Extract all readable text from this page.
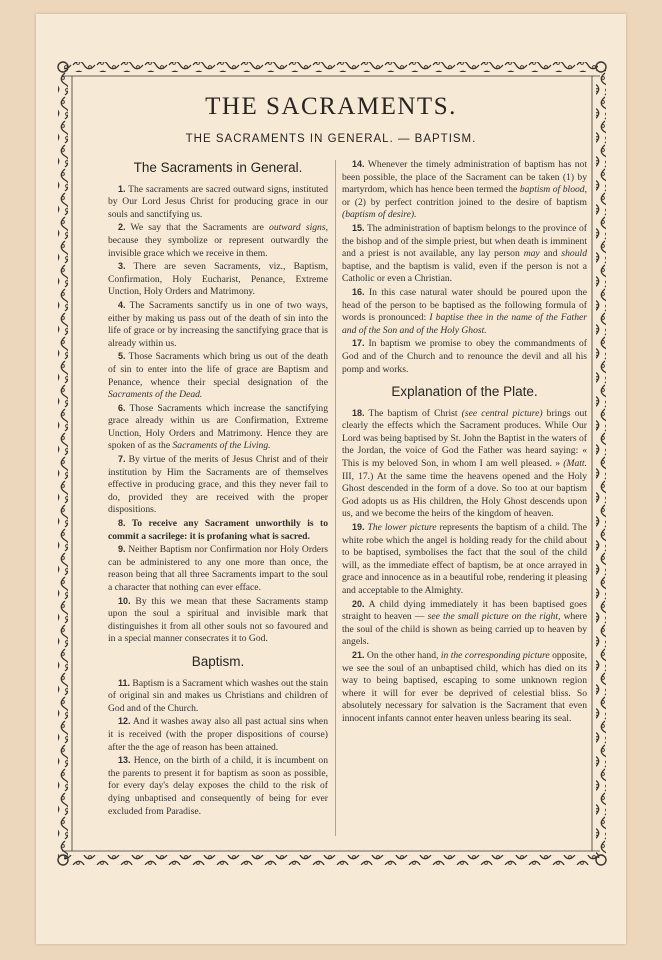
THE SACRAMENTS.
THE SACRAMENTS IN GENERAL. — BAPTISM.
The Sacraments in General.

1. The sacraments are sacred outward signs, instituted by Our Lord Jesus Christ for producing grace in our souls and sanctifying us.

2. We say that the Sacraments are outward signs, because they symbolize or represent outwardly the invisible grace which we receive in them.

3. There are seven Sacraments, viz., Baptism, Confirmation, Holy Eucharist, Penance, Extreme Unction, Holy Orders and Matrimony.

4. The Sacraments sanctify us in one of two ways, either by making us pass out of the death of sin into the life of grace or by increasing the sanctifying grace that is already within us.

5. Those Sacraments which bring us out of the death of sin to enter into the life of grace are Baptism and Penance, whence their special designation of the Sacraments of the Dead.

6. Those Sacraments which increase the sanctifying grace already within us are Confirmation, Extreme Unction, Holy Orders and Matrimony. Hence they are spoken of as the Sacraments of the Living.

7. By virtue of the merits of Jesus Christ and of their institution by Him the Sacraments are of themselves effective in producing grace, and this they never fail to do, provided they are received with the proper dispositions.

8. To receive any Sacrament unworthily is to commit a sacrilege: it is profaning what is sacred.

9. Neither Baptism nor Confirmation nor Holy Orders can be administered to any one more than once, the reason being that all three Sacraments impart to the soul a character that nothing can ever efface.

10. By this we mean that these Sacraments stamp upon the soul a spiritual and invisible mark that distinguishes it from all other souls not so favoured and in a special manner consecrates it to God.

Baptism.

11. Baptism is a Sacrament which washes out the stain of original sin and makes us Christians and children of God and of the Church.

12. And it washes away also all past actual sins when it is received (with the proper dispositions of course) after the the age of reason has been attained.

13. Hence, on the birth of a child, it is incumbent on the parents to present it for baptism as soon as possible, for every day's delay exposes the child to the risk of dying unbaptised and consequently of being for ever excluded from Paradise.

14. Whenever the timely administration of baptism has not been possible, the place of the Sacrament can be taken (1) by martyrdom, which has hence been termed the baptism of blood, or (2) by perfect contrition joined to the desire of baptism (baptism of desire).

15. The administration of baptism belongs to the province of the bishop and of the simple priest, but when death is imminent and a priest is not available, any lay person may and should baptise, and the baptism is valid, even if the person is not a Catholic or even a Christian.

16. In this case natural water should be poured upon the head of the person to be baptised as the following formula of words is pronounced: I baptise thee in the name of the Father and of the Son and of the Holy Ghost.

17. In baptism we promise to obey the commandments of God and of the Church and to renounce the devil and all his pomp and works.

Explanation of the Plate.

18. The baptism of Christ (see central picture) brings out clearly the effects which the Sacrament produces. While Our Lord was being baptised by St. John the Baptist in the waters of the Jordan, the voice of God the Father was heard saying: « This is my beloved Son, in whom I am well pleased. » (Matt. III, 17.) At the same time the heavens opened and the Holy Ghost descended in the form of a dove. So too at our baptism God adopts us as His children, the Holy Ghost descends upon us, and we become the heirs of the kingdom of heaven.

19. The lower picture represents the baptism of a child. The white robe which the angel is holding ready for the child about to be baptised, symbolises the fact that the soul of the child will, as the immediate effect of baptism, be at once arrayed in grace and innocence as in a beautiful robe, rendering it pleasing and acceptable to the Almighty.

20. A child dying immediately it has been baptised goes straight to heaven — see the small picture on the right, where the soul of the child is shown as being carried up to heaven by angels.

21. On the other hand, in the corresponding picture opposite, we see the soul of an unbaptised child, which has died on its way to being baptised, escaping to some unknown region where it will for ever be deprived of celestial bliss. So absolutely necessary for salvation is the Sacrament that even innocent infants cannot enter heaven unless bearing its seal.
